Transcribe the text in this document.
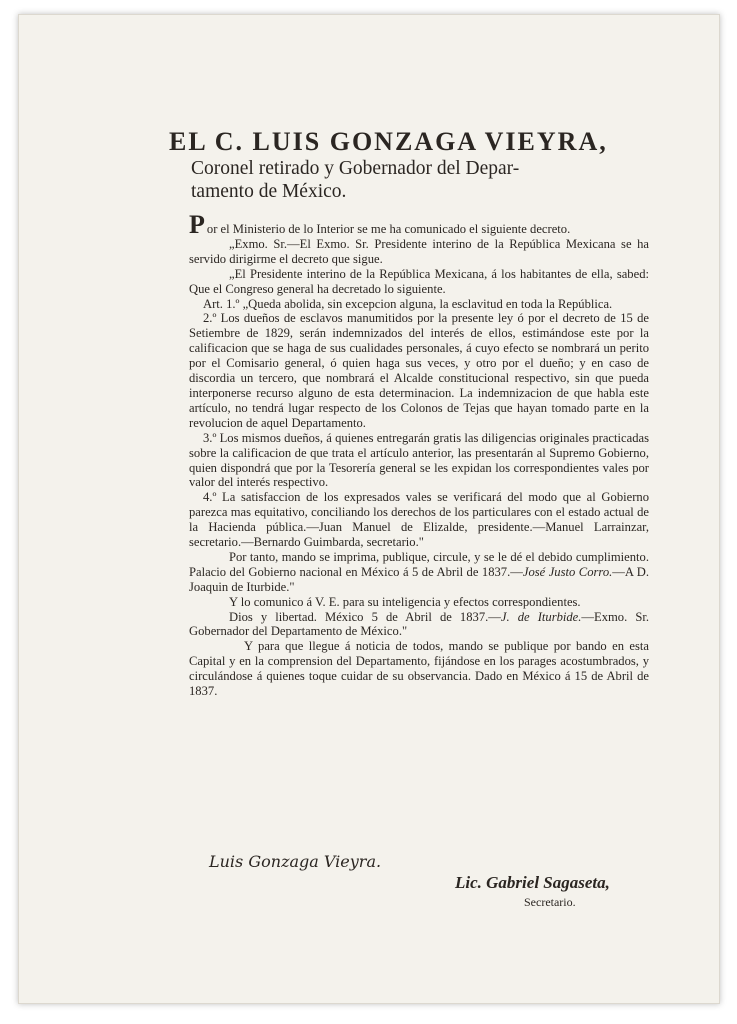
EL C. LUIS GONZAGA VIEYRA,
Coronel retirado y Gobernador del Depar-
tamento de México.

Por el Ministerio de lo Interior se me ha comunicado el siguiente decreto.

„Exmo. Sr.—El Exmo. Sr. Presidente interino de la República Mexicana se ha servido dirigirme el decreto que sigue.

„El Presidente interino de la República Mexicana, á los habitantes de ella, sabed: Que el Congreso general ha decretado lo siguiente.

Art. 1.º „Queda abolida, sin excepcion alguna, la esclavitud en toda la República.

2.º Los dueños de esclavos manumitidos por la presente ley ó por el decreto de 15 de Setiembre de 1829, serán indemnizados del interés de ellos, estimándose este por la calificacion que se haga de sus cualidades personales, á cuyo efecto se nombrará un perito por el Comisario general, ó quien haga sus veces, y otro por el dueño; y en caso de discordia un tercero, que nombrará el Alcalde constitucional respectivo, sin que pueda interponerse recurso alguno de esta determinacion. La indemnizacion de que habla este artículo, no tendrá lugar respecto de los Colonos de Tejas que hayan tomado parte en la revolucion de aquel Departamento.

3.º Los mismos dueños, á quienes entregarán gratis las diligencias originales practicadas sobre la calificacion de que trata el artículo anterior, las presentarán al Supremo Gobierno, quien dispondrá que por la Tesorería general se les expidan los correspondientes vales por valor del interés respectivo.

4.º La satisfaccion de los expresados vales se verificará del modo que al Gobierno parezca mas equitativo, conciliando los derechos de los particulares con el estado actual de la Hacienda pública.—Juan Manuel de Elizalde, presidente.—Manuel Larrainzar, secretario.—Bernardo Guimbarda, secretario."

Por tanto, mando se imprima, publique, circule, y se le dé el debido cumplimiento. Palacio del Gobierno nacional en México á 5 de Abril de 1837.—José Justo Corro.—A D. Joaquin de Iturbide."

Y lo comunico á V. E. para su inteligencia y efectos correspondientes.

Dios y libertad. México 5 de Abril de 1837.—J. de Iturbide.—Exmo. Sr. Gobernador del Departamento de México."

Y para que llegue á noticia de todos, mando se publique por bando en esta Capital y en la comprension del Departamento, fijándose en los parages acostumbrados, y circulándose á quienes toque cuidar de su observancia. Dado en México á 15 de Abril de 1837.

Luis Gonzaga Vieyra.
Lic. Gabriel Sagaseta,
Secretario.
